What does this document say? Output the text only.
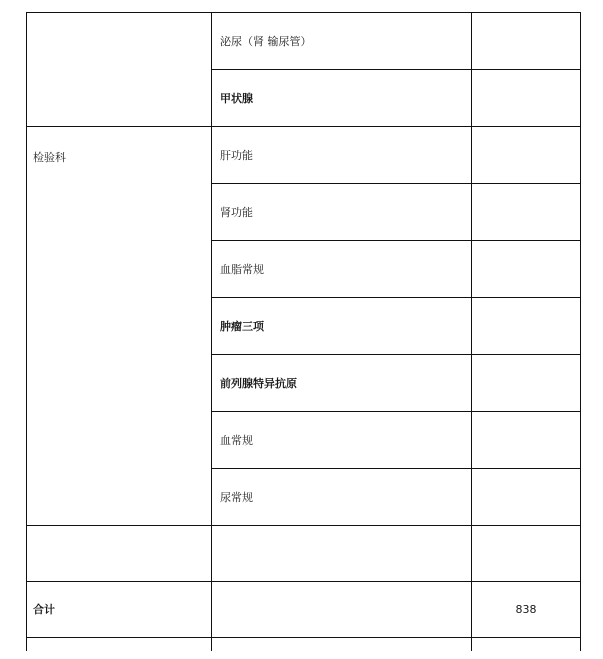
	泌尿（肾 输尿管）	
	甲状腺	

检验科	肝功能	
	肾功能	
	血脂常规	
	肿瘤三项	
	前列腺特异抗原	
	血常规	
	尿常规	

合计		838
